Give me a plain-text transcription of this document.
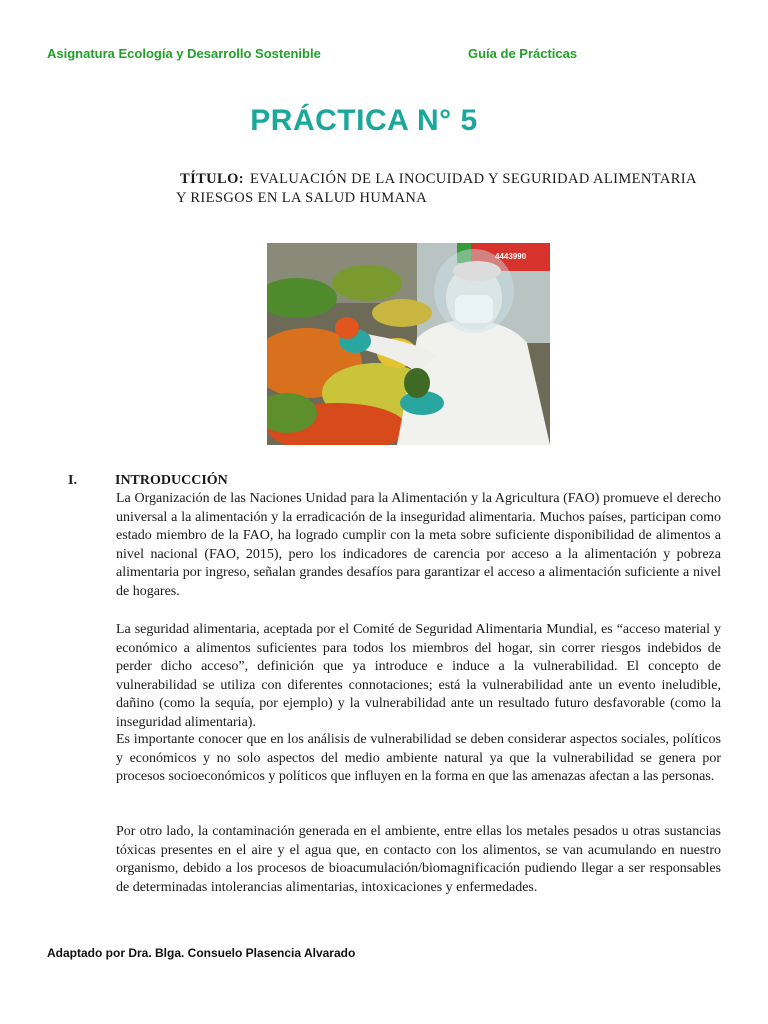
Asignatura Ecología y Desarrollo Sostenible	Guía de Prácticas
PRÁCTICA N° 5
TÍTULO: EVALUACIÓN DE LA INOCUIDAD Y SEGURIDAD ALIMENTARIA
Y RIESGOS EN LA SALUD HUMANA
4443990
I.	INTRODUCCIÓN

La Organización de las Naciones Unidad para la Alimentación y la Agricultura (FAO) promueve el derecho universal a la alimentación y la erradicación de la inseguridad alimentaria. Muchos países, participan como estado miembro de la FAO, ha logrado cumplir con la meta sobre suficiente disponibilidad de alimentos a nivel nacional (FAO, 2015), pero los indicadores de carencia por acceso a la alimentación y pobreza alimentaria por ingreso, señalan grandes desafíos para garantizar el acceso a alimentación suficiente a nivel de hogares.

La seguridad alimentaria, aceptada por el Comité de Seguridad Alimentaria Mundial, es “acceso material y económico a alimentos suficientes para todos los miembros del hogar, sin correr riesgos indebidos de perder dicho acceso”, definición que ya introduce e induce a la vulnerabilidad. El concepto de vulnerabilidad se utiliza con diferentes connotaciones; está la vulnerabilidad ante un evento ineludible, dañino (como la sequía, por ejemplo) y la vulnerabilidad ante un resultado futuro desfavorable (como la inseguridad alimentaria).

Es importante conocer que en los análisis de vulnerabilidad se deben considerar aspectos sociales, políticos y económicos y no solo aspectos del medio ambiente natural ya que la vulnerabilidad se genera por procesos socioeconómicos y políticos que influyen en la forma en que las amenazas afectan a las personas.

Por otro lado, la contaminación generada en el ambiente, entre ellas los metales pesados u otras sustancias tóxicas presentes en el aire y el agua que, en contacto con los alimentos, se van acumulando en nuestro organismo, debido a los procesos de bioacumulación/biomagnificación pudiendo llegar a ser responsables de determinadas intolerancias alimentarias, intoxicaciones y enfermedades.

Adaptado por Dra. Blga. Consuelo Plasencia Alvarado
